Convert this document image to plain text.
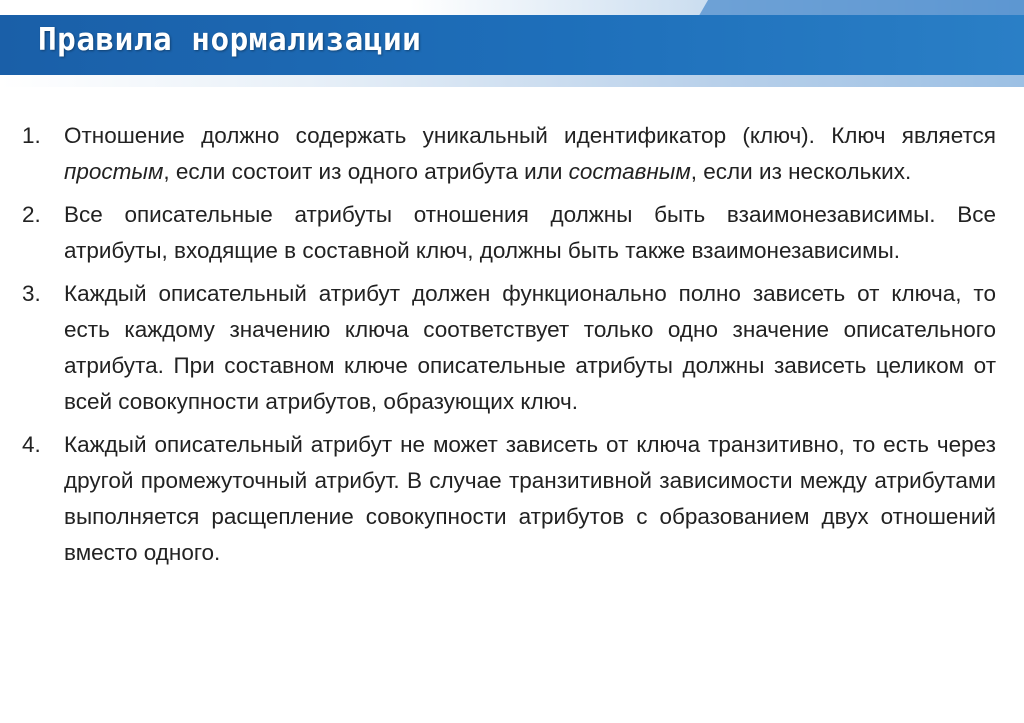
Правила нормализации
1. Отношение должно содержать уникальный идентификатор (ключ). Ключ является простым, если состоит из одного атрибута или составным, если из нескольких.
2. Все описательные атрибуты отношения должны быть взаимонезависимы. Все атрибуты, входящие в составной ключ, должны быть также взаимонезависимы.
3. Каждый описательный атрибут должен функционально полно зависеть от ключа, то есть каждому значению ключа соответствует только одно значение описательного атрибута. При составном ключе описательные атрибуты должны зависеть целиком от всей совокупности атрибутов, образующих ключ.
4. Каждый описательный атрибут не может зависеть от ключа транзитивно, то есть через другой промежуточный атрибут. В случае транзитивной зависимости между атрибутами выполняется расщепление совокупности атрибутов с образованием двух отношений вместо одного.
